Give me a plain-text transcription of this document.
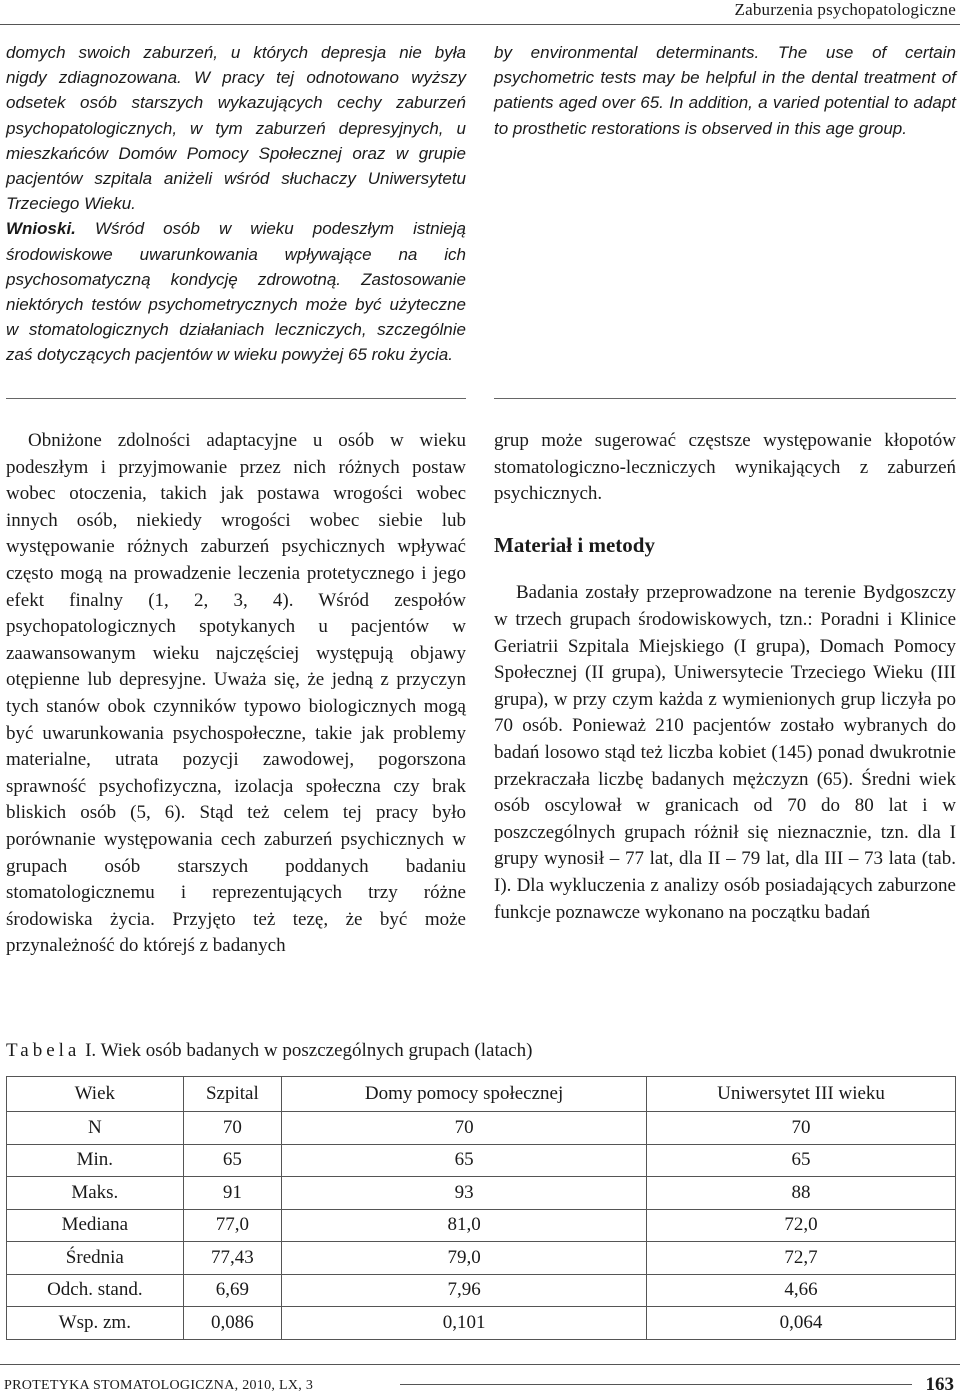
Zaburzenia psychopatologiczne

domych swoich zaburzeń, u których depresja nie była

nigdy zdiagnozowana. W pracy tej odnotowano wyższy odsetek osób starszych wykazujących cechy zaburzeń psychopatologicznych, w tym zaburzeń depresyjnych, u mieszkańców Domów Pomocy Społecznej oraz w grupie pacjentów szpitala aniżeli wśród słuchaczy Uniwersytetu Trzeciego Wieku.

Wnioski. Wśród osób w wieku podeszłym istnieją środowiskowe uwarunkowania wpływające na ich psychosomatyczną kondycję zdrowotną. Zastosowanie niektórych testów psychometrycznych może być użyteczne w stomatologicznych działaniach leczniczych, szczególnie zaś dotyczących pacjentów w wieku powyżej 65 roku życia.

by environmental determinants. The use of certain psychometric tests may be helpful in the dental treatment of patients aged over 65. In addition, a varied potential to adapt to prosthetic restorations is observed in this age group.

Obniżone zdolności adaptacyjne u osób w wieku podeszłym i przyjmowanie przez nich różnych postaw wobec otoczenia, takich jak postawa wrogości wobec innych osób, niekiedy wrogości wobec siebie lub występowanie różnych zaburzeń psychicznych wpływać często mogą na prowadzenie leczenia protetycznego i jego efekt finalny (1, 2, 3, 4). Wśród zespołów psychopatologicznych spotykanych u pacjentów w zaawansowanym wieku najczęściej występują objawy otępienne lub depresyjne. Uważa się, że jedną z przyczyn tych stanów obok czynników typowo biologicznych mogą być uwarunkowania psychospołeczne, takie jak problemy materialne, utrata pozycji zawodowej, pogorszona sprawność psychofizyczna, izolacja społeczna czy brak bliskich osób (5, 6). Stąd też celem tej pracy było porównanie występowania cech zaburzeń psychicznych w grupach osób starszych poddanych badaniu stomatologicznemu i reprezentujących trzy różne środowiska życia. Przyjęto też tezę, że być może przynależność do którejś z badanych

grup może sugerować częstsze występowanie kłopotów stomatologiczno-leczniczych wynikających z zaburzeń psychicznych.

Materiał i metody

Badania zostały przeprowadzone na terenie Bydgoszczy w trzech grupach środowiskowych, tzn.: Poradni i Klinice Geriatrii Szpitala Miejskiego (I grupa), Domach Pomocy Społecznej (II grupa), Uniwersytecie Trzeciego Wieku (III grupa), w przy czym każda z wymienionych grup liczyła po 70 osób. Ponieważ 210 pacjentów zostało wybranych do badań losowo stąd też liczba kobiet (145) ponad dwukrotnie przekraczała liczbę badanych mężczyzn (65). Średni wiek osób oscylował w granicach od 70 do 80 lat i w poszczególnych grupach różnił się nieznacznie, tzn. dla I grupy wynosił – 77 lat, dla II – 79 lat, dla III – 73 lata (tab. I). Dla wykluczenia z analizy osób posiadających zaburzone funkcje poznawcze wykonano na początku badań

Tabela I. Wiek osób badanych w poszczególnych grupach (latach)
Wiek	Szpital	Domy pomocy społecznej	Uniwersytet III wieku
N	70	70	70
Min.	65	65	65
Maks.	91	93	88
Mediana	77,0	81,0	72,0
Średnia	77,43	79,0	72,7
Odch. stand.	6,69	7,96	4,66
Wsp. zm.	0,086	0,101	0,064
PROTETYKA STOMATOLOGICZNA, 2010, LX, 3	163
